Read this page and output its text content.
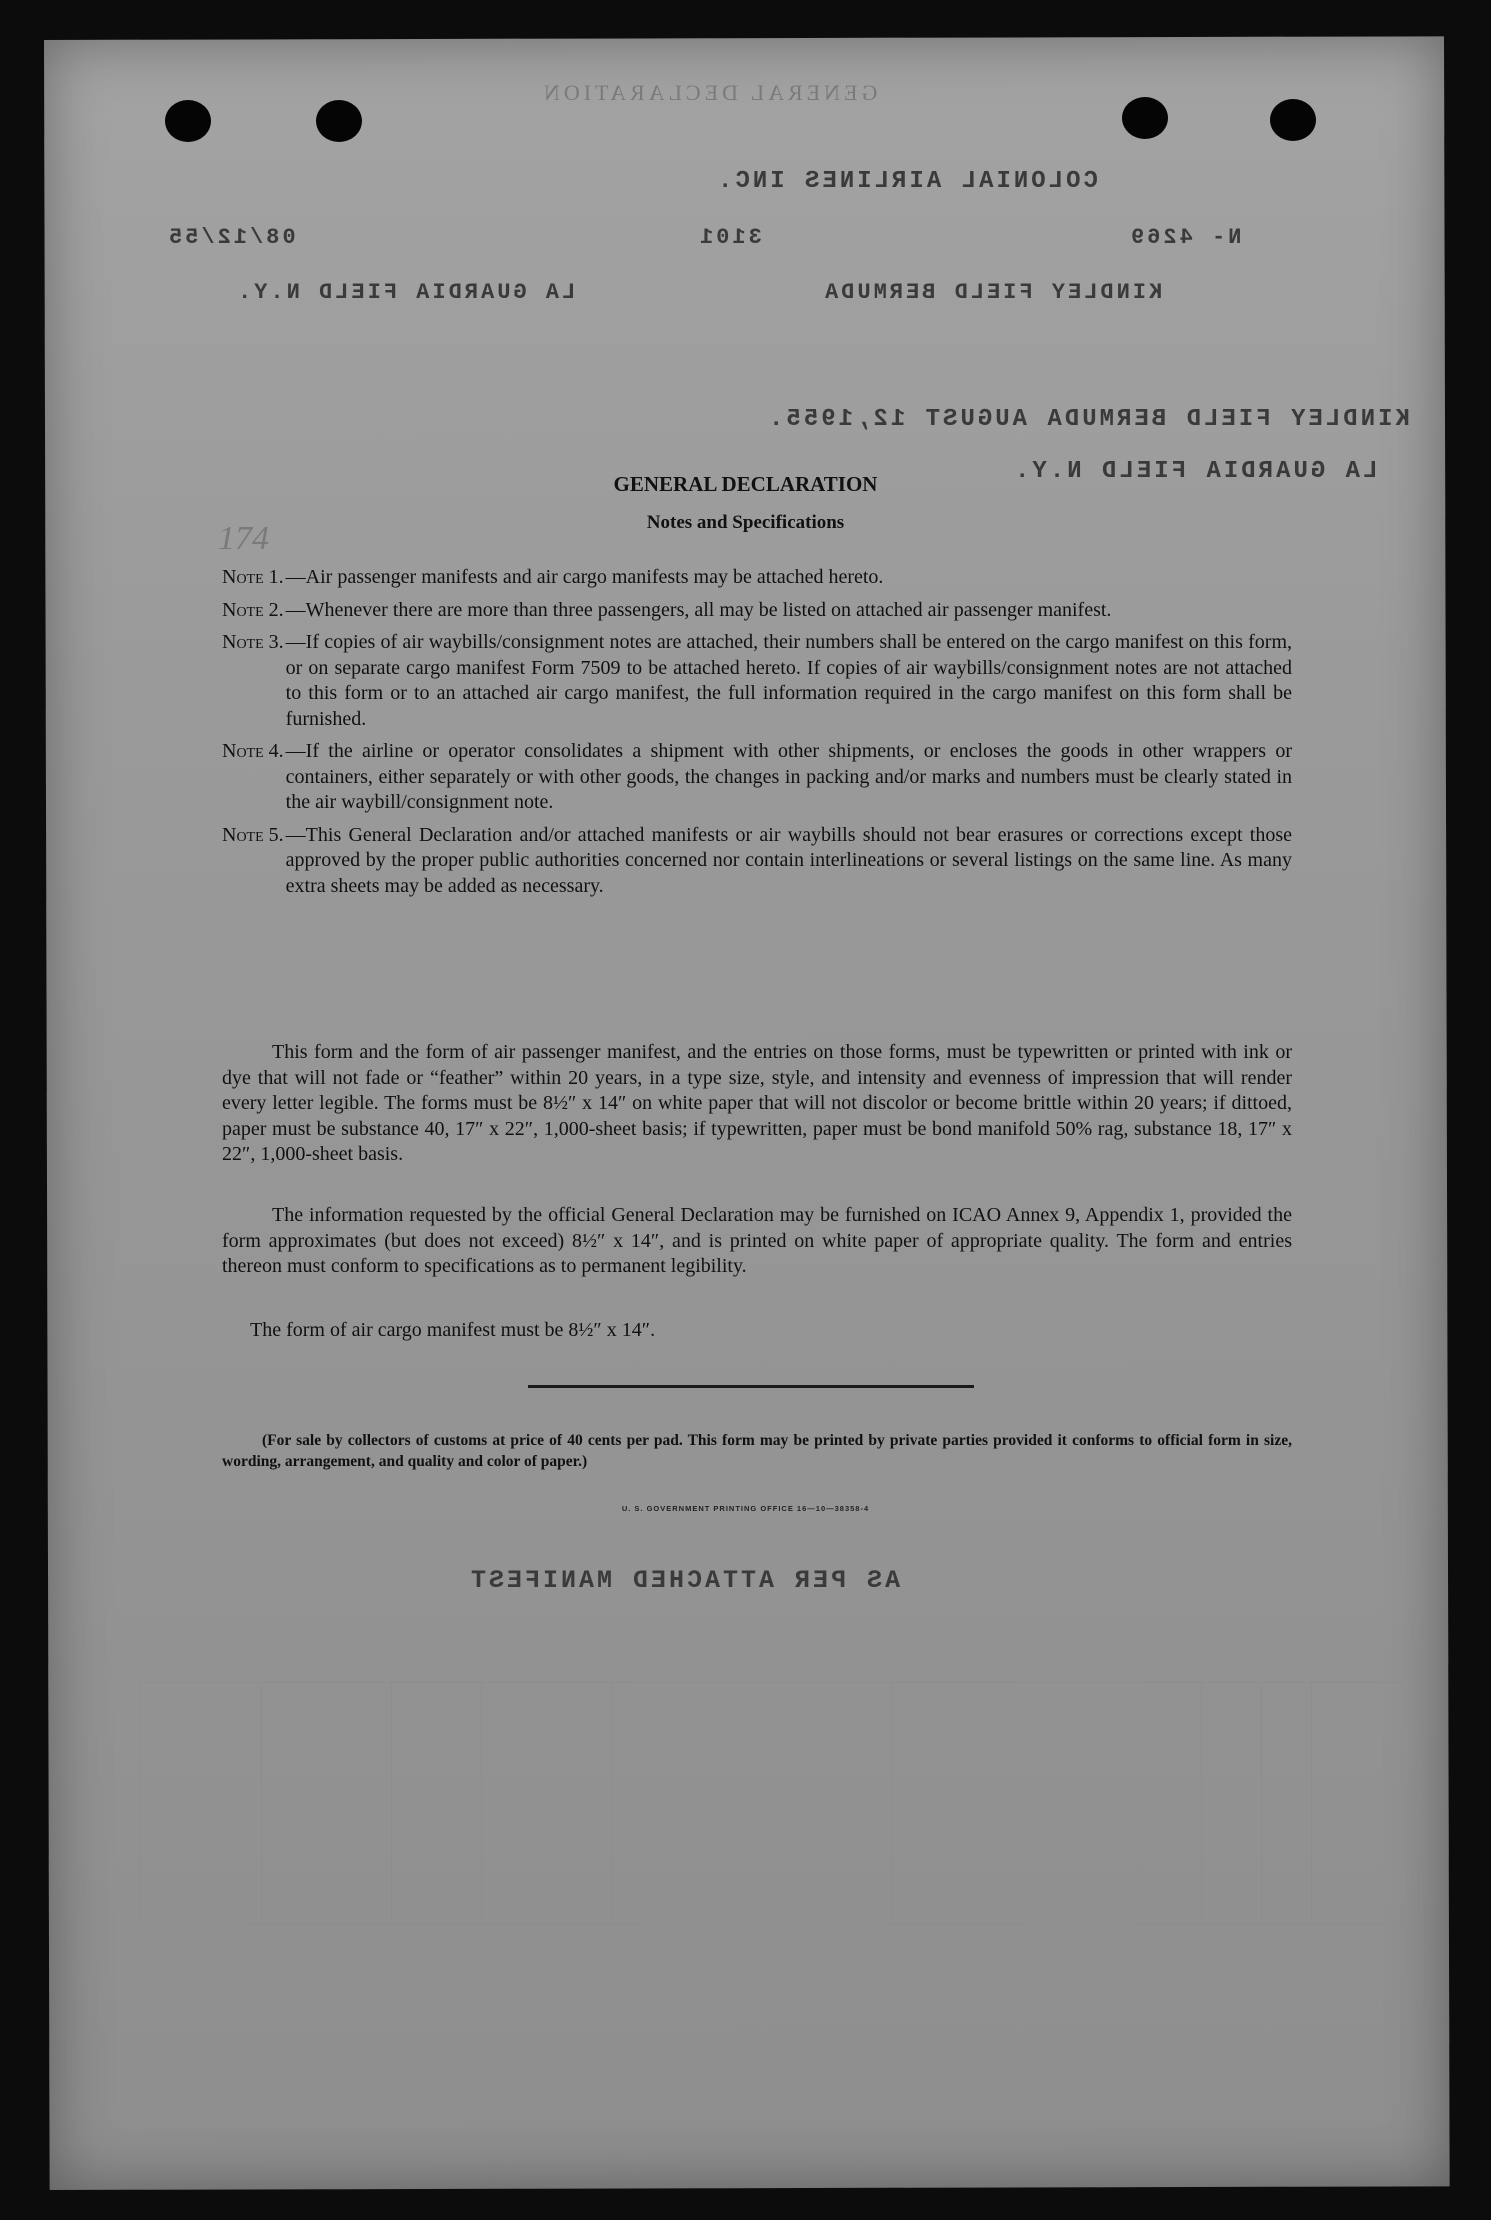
COLONIAL AIRLINES INC.
N- 4269
3101
08/12/55
KINDLEY FIELD BERMUDA
LA GUARDIA FIELD N.Y.
KINDLEY FIELD BERMUDA AUGUST 12,1955.
LA GUARDIA FIELD N.Y.
AS PER ATTACHED MANIFEST
GENERAL DECLARATION
174
GENERAL DECLARATION
Notes and Specifications
Note 1. —Air passenger manifests and air cargo manifests may be attached hereto.
Note 2. —Whenever there are more than three passengers, all may be listed on attached air passenger manifest.
Note 3. —If copies of air waybills/consignment notes are attached, their numbers shall be entered on the cargo manifest on this form, or on separate cargo manifest Form 7509 to be attached hereto. If copies of air waybills/consignment notes are not attached to this form or to an attached air cargo manifest, the full information required in the cargo manifest on this form shall be furnished.
Note 4. —If the airline or operator consolidates a shipment with other shipments, or encloses the goods in other wrappers or containers, either separately or with other goods, the changes in packing and/or marks and numbers must be clearly stated in the air waybill/consignment note.
Note 5. —This General Declaration and/or attached manifests or air waybills should not bear erasures or corrections except those approved by the proper public authorities concerned nor contain interlineations or several listings on the same line. As many extra sheets may be added as necessary.
This form and the form of air passenger manifest, and the entries on those forms, must be typewritten or printed with ink or dye that will not fade or “feather” within 20 years, in a type size, style, and intensity and evenness of impression that will render every letter legible. The forms must be 8½″ x 14″ on white paper that will not discolor or become brittle within 20 years; if dittoed, paper must be substance 40, 17″ x 22″, 1,000-sheet basis; if typewritten, paper must be bond manifold 50% rag, substance 18, 17″ x 22″, 1,000-sheet basis.
The information requested by the official General Declaration may be furnished on ICAO Annex 9, Appendix 1, provided the form approximates (but does not exceed) 8½″ x 14″, and is printed on white paper of appropriate quality. The form and entries thereon must conform to specifications as to permanent legibility.
The form of air cargo manifest must be 8½″ x 14″.
(For sale by collectors of customs at price of 40 cents per pad. This form may be printed by private parties provided it conforms to official form in size, wording, arrangement, and quality and color of paper.)
U. S. GOVERNMENT PRINTING OFFICE 16—10—38358-4
